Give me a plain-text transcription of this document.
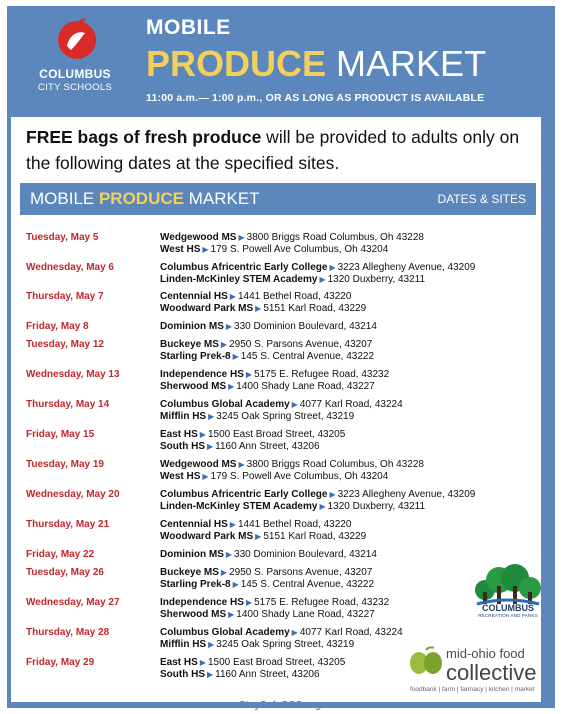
COLUMBUS
CITY SCHOOLS
MOBILE
PRODUCE MARKET
11:00 a.m.— 1:00 p.m., OR AS LONG AS PRODUCT IS AVAILABLE
FREE bags of fresh produce will be provided to adults only on the following dates at the specified sites.
MOBILE PRODUCE MARKET	DATES & SITES
Tuesday, May 5	Wedgewood MS ▶ 3800 Briggs Road Columbus, Oh 43228
West HS ▶ 179 S. Powell Ave Columbus, Oh 43204
Wednesday, May 6	Columbus Africentric Early College ▶ 3223 Allegheny Avenue, 43209
Linden-McKinley STEM Academy ▶ 1320 Duxberry, 43211
Thursday, May 7	Centennial HS ▶ 1441 Bethel Road, 43220
Woodward Park MS ▶ 5151 Karl Road, 43229
Friday, May 8	Dominion MS ▶ 330 Dominion Boulevard, 43214
Tuesday, May 12	Buckeye MS ▶ 2950 S. Parsons Avenue, 43207
Starling Prek-8 ▶ 145 S. Central Avenue, 43222
Wednesday, May 13	Independence HS ▶ 5175 E. Refugee Road, 43232
Sherwood MS ▶ 1400 Shady Lane Road, 43227
Thursday, May 14	Columbus Global Academy ▶ 4077 Karl Road, 43224
Mifflin HS ▶ 3245 Oak Spring Street, 43219
Friday, May 15	East HS ▶ 1500 East Broad Street, 43205
South HS ▶ 1160 Ann Street, 43206
Tuesday, May 19	Wedgewood MS ▶ 3800 Briggs Road Columbus, Oh 43228
West HS ▶ 179 S. Powell Ave Columbus, Oh 43204
Wednesday, May 20	Columbus Africentric Early College ▶ 3223 Allegheny Avenue, 43209
Linden-McKinley STEM Academy ▶ 1320 Duxberry, 43211
Thursday, May 21	Centennial HS ▶ 1441 Bethel Road, 43220
Woodward Park MS ▶ 5151 Karl Road, 43229
Friday, May 22	Dominion MS ▶ 330 Dominion Boulevard, 43214
Tuesday, May 26	Buckeye MS ▶ 2950 S. Parsons Avenue, 43207
Starling Prek-8 ▶ 145 S. Central Avenue, 43222
Wednesday, May 27	Independence HS ▶ 5175 E. Refugee Road, 43232
Sherwood MS ▶ 1400 Shady Lane Road, 43227
Thursday, May 28	Columbus Global Academy ▶ 4077 Karl Road, 43224
Mifflin HS ▶ 3245 Oak Spring Street, 43219
Friday, May 29	East HS ▶ 1500 East Broad Street, 43205
South HS ▶ 1160 Ann Street, 43206
COLUMBUS
RECREATION AND PARKS
mid-ohio food
collective
foodbank | farm | farmacy | kitchen | market
StaySafeCCS.org
